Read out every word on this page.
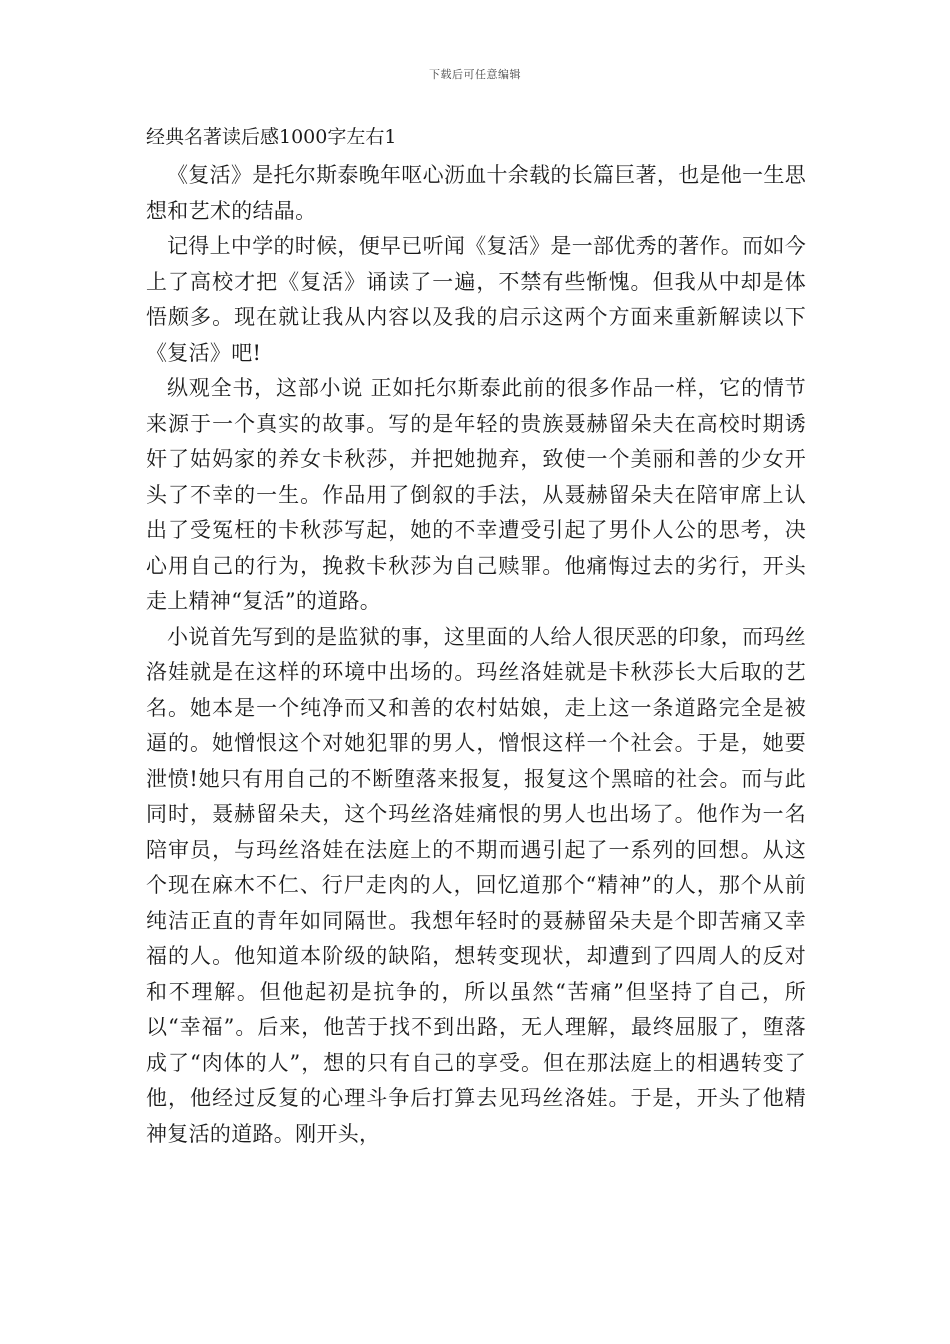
下载后可任意编辑
经典名著读后感1000字左右1

《复活》是托尔斯泰晚年呕心沥血十余载的长篇巨著，也是他一生思想和艺术的结晶。

记得上中学的时候，便早已听闻《复活》是一部优秀的著作。而如今上了高校才把《复活》诵读了一遍，不禁有些惭愧。但我从中却是体悟颇多。现在就让我从内容以及我的启示这两个方面来重新解读以下《复活》吧!

纵观全书，这部小说 正如托尔斯泰此前的很多作品一样，它的情节来源于一个真实的故事。写的是年轻的贵族聂赫留朵夫在高校时期诱奸了姑妈家的养女卡秋莎，并把她抛弃，致使一个美丽和善的少女开头了不幸的一生。作品用了倒叙的手法，从聂赫留朵夫在陪审席上认出了受冤枉的卡秋莎写起，她的不幸遭受引起了男仆人公的思考，决心用自己的行为，挽救卡秋莎为自己赎罪。他痛悔过去的劣行，开头走上精神“复活”的道路。

小说首先写到的是监狱的事，这里面的人给人很厌恶的印象，而玛丝洛娃就是在这样的环境中出场的。玛丝洛娃就是卡秋莎长大后取的艺名。她本是一个纯净而又和善的农村姑娘，走上这一条道路完全是被逼的。她憎恨这个对她犯罪的男人，憎恨这样一个社会。于是，她要泄愤!她只有用自己的不断堕落来报复，报复这个黑暗的社会。而与此同时，聂赫留朵夫，这个玛丝洛娃痛恨的男人也出场了。他作为一名陪审员，与玛丝洛娃在法庭上的不期而遇引起了一系列的回想。从这个现在麻木不仁、行尸走肉的人，回忆道那个“精神”的人，那个从前纯洁正直的青年如同隔世。我想年轻时的聂赫留朵夫是个即苦痛又幸福的人。他知道本阶级的缺陷，想转变现状，却遭到了四周人的反对和不理解。但他起初是抗争的，所以虽然“苦痛”但坚持了自己，所以“幸福”。后来，他苦于找不到出路，无人理解，最终屈服了，堕落成了“肉体的人”，想的只有自己的享受。但在那法庭上的相遇转变了他，他经过反复的心理斗争后打算去见玛丝洛娃。于是，开头了他精神复活的道路。刚开头，
